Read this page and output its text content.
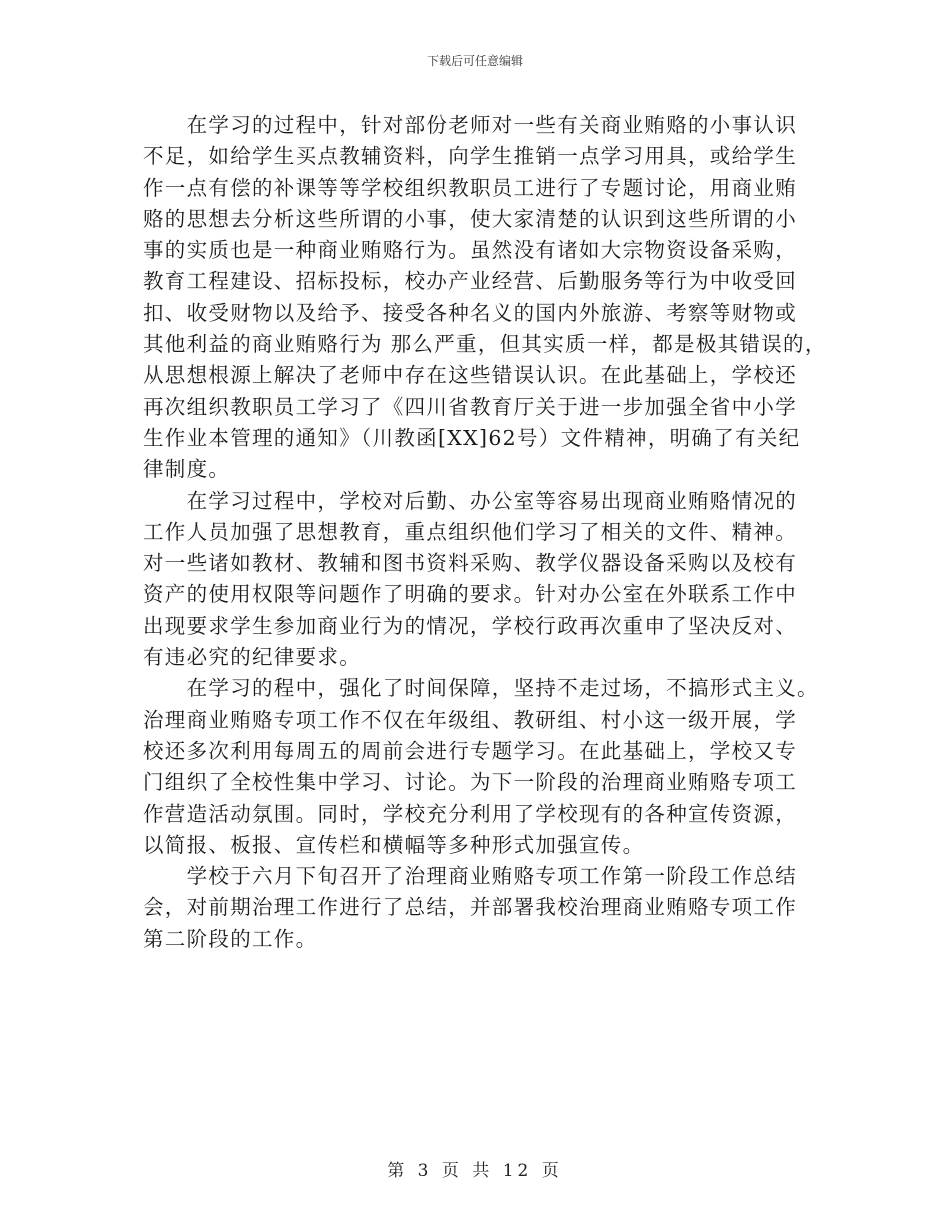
下载后可任意编辑
　　在学习的过程中，针对部份老师对一些有关商业贿赂的小事认识
不足，如给学生买点教辅资料，向学生推销一点学习用具，或给学生
作一点有偿的补课等等学校组织教职员工进行了专题讨论，用商业贿
赂的思想去分析这些所谓的小事，使大家清楚的认识到这些所谓的小
事的实质也是一种商业贿赂行为。虽然没有诸如大宗物资设备采购，
教育工程建设、招标投标，校办产业经营、后勤服务等行为中收受回
扣、收受财物以及给予、接受各种名义的国内外旅游、考察等财物或
其他利益的商业贿赂行为 那么严重，但其实质一样，都是极其错误的，
从思想根源上解决了老师中存在这些错误认识。在此基础上，学校还
再次组织教职员工学习了《四川省教育厅关于进一步加强全省中小学
生作业本管理的通知》（川教函[XX]62号）文件精神，明确了有关纪
律制度。
　　在学习过程中，学校对后勤、办公室等容易出现商业贿赂情况的
工作人员加强了思想教育，重点组织他们学习了相关的文件、精神。
对一些诸如教材、教辅和图书资料采购、教学仪器设备采购以及校有
资产的使用权限等问题作了明确的要求。针对办公室在外联系工作中
出现要求学生参加商业行为的情况，学校行政再次重申了坚决反对、
有违必究的纪律要求。
　　在学习的程中，强化了时间保障，坚持不走过场，不搞形式主义。
治理商业贿赂专项工作不仅在年级组、教研组、村小这一级开展，学
校还多次利用每周五的周前会进行专题学习。在此基础上，学校又专
门组织了全校性集中学习、讨论。为下一阶段的治理商业贿赂专项工
作营造活动氛围。同时，学校充分利用了学校现有的各种宣传资源，
以简报、板报、宣传栏和横幅等多种形式加强宣传。
　　学校于六月下旬召开了治理商业贿赂专项工作第一阶段工作总结
会，对前期治理工作进行了总结，并部署我校治理商业贿赂专项工作
第二阶段的工作。
第 3 页 共 12 页
